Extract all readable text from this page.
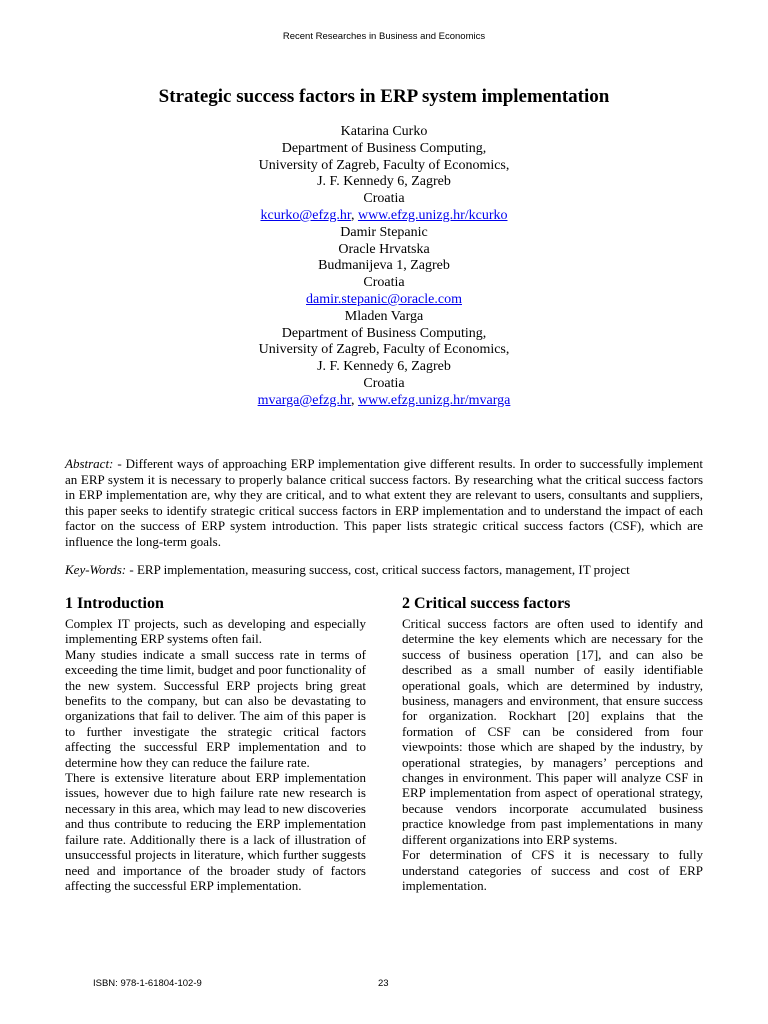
Recent Researches in Business and Economics
Strategic success factors in ERP system implementation
Katarina Curko
Department of Business Computing,
University of Zagreb, Faculty of Economics,
J. F. Kennedy 6, Zagreb
Croatia
kcurko@efzg.hr, www.efzg.unizg.hr/kcurko
Damir Stepanic
Oracle Hrvatska
Budmanijeva 1, Zagreb
Croatia
damir.stepanic@oracle.com
Mladen Varga
Department of Business Computing,
University of Zagreb, Faculty of Economics,
J. F. Kennedy 6, Zagreb
Croatia
mvarga@efzg.hr, www.efzg.unizg.hr/mvarga

Abstract: - Different ways of approaching ERP implementation give different results. In order to successfully implement an ERP system it is necessary to properly balance critical success factors. By researching what the critical success factors in ERP implementation are, why they are critical, and to what extent they are relevant to users, consultants and suppliers, this paper seeks to identify strategic critical success factors in ERP implementation and to understand the impact of each factor on the success of ERP system introduction. This paper lists strategic critical success factors (CSF), which are influence the long-term goals.

Key-Words: - ERP implementation, measuring success, cost, critical success factors, management, IT project

1 Introduction

Complex IT projects, such as developing and especially implementing ERP systems often fail.

Many studies indicate a small success rate in terms of exceeding the time limit, budget and poor functionality of the new system. Successful ERP projects bring great benefits to the company, but can also be devastating to organizations that fail to deliver. The aim of this paper is to further investigate the strategic critical factors affecting the successful ERP implementation and to determine how they can reduce the failure rate.

There is extensive literature about ERP implementation issues, however due to high failure rate new research is necessary in this area, which may lead to new discoveries and thus contribute to reducing the ERP implementation failure rate. Additionally there is a lack of illustration of unsuccessful projects in literature, which further suggests need and importance of the broader study of factors affecting the successful ERP implementation.

2 Critical success factors

Critical success factors are often used to identify and determine the key elements which are necessary for the success of business operation [17], and can also be described as a small number of easily identifiable operational goals, which are determined by industry, business, managers and environment, that ensure success for organization. Rockhart [20] explains that the formation of CSF can be considered from four viewpoints: those which are shaped by the industry, by operational strategies, by managers’ perceptions and changes in environment. This paper will analyze CSF in ERP implementation from aspect of operational strategy, because vendors incorporate accumulated business practice knowledge from past implementations in many different organizations into ERP systems.

For determination of CFS it is necessary to fully understand categories of success and cost of ERP implementation.

ISBN: 978-1-61804-102-9	23
